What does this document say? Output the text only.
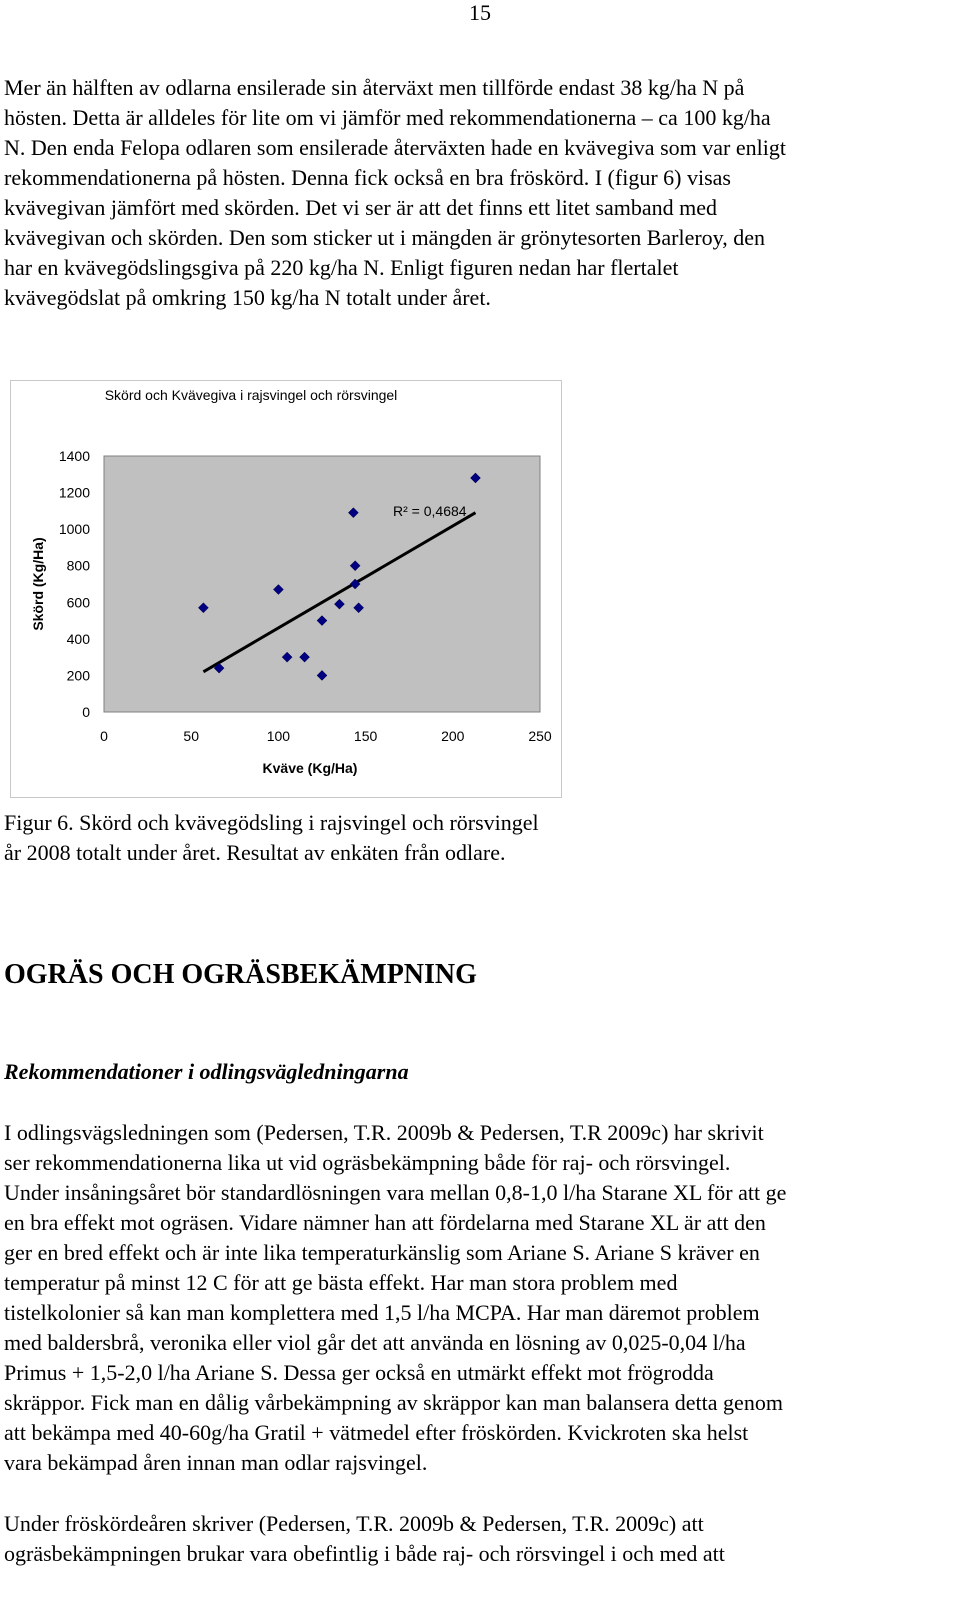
15
Mer än hälften av odlarna ensilerade sin återväxt men tillförde endast 38 kg/ha N på
hösten. Detta är alldeles för lite om vi jämför med rekommendationerna – ca 100 kg/ha
N. Den enda Felopa odlaren som ensilerade återväxten hade en kvävegiva som var enligt
rekommendationerna på hösten. Denna fick också en bra fröskörd. I (figur 6) visas
kvävegivan jämfört med skörden. Det vi ser är att det finns ett litet samband med
kvävegivan och skörden. Den som sticker ut i mängden är grönytesorten Barleroy, den
har en kvävegödslingsgiva på 220 kg/ha N. Enligt figuren nedan har flertalet
kvävegödslat på omkring 150 kg/ha N totalt under året.
Skörd och Kvävegiva i rajsvingel och rörsvingel
0
200
400
600
800
1000
1200
1400
0	50	100	150	200	250
Kväve (Kg/Ha)
Skörd (Kg/Ha)
R² = 0,4684
Figur 6. Skörd och kvävegödsling i rajsvingel och rörsvingel
år 2008 totalt under året. Resultat av enkäten från odlare.
OGRÄS OCH OGRÄSBEKÄMPNING
Rekommendationer i odlingsvägledningarna
I odlingsvägsledningen som (Pedersen, T.R. 2009b & Pedersen, T.R 2009c) har skrivit
ser rekommendationerna lika ut vid ogräsbekämpning både för raj- och rörsvingel.
Under insåningsåret bör standardlösningen vara mellan 0,8-1,0 l/ha Starane XL för att ge
en bra effekt mot ogräsen. Vidare nämner han att fördelarna med Starane XL är att den
ger en bred effekt och är inte lika temperaturkänslig som Ariane S. Ariane S kräver en
temperatur på minst 12 C för att ge bästa effekt. Har man stora problem med
tistelkolonier så kan man komplettera med 1,5 l/ha MCPA. Har man däremot problem
med baldersbrå, veronika eller viol går det att använda en lösning av 0,025-0,04 l/ha
Primus + 1,5-2,0 l/ha Ariane S. Dessa ger också en utmärkt effekt mot frögrodda
skräppor. Fick man en dålig vårbekämpning av skräppor kan man balansera detta genom
att bekämpa med 40-60g/ha Gratil + vätmedel efter fröskörden. Kvickroten ska helst
vara bekämpad åren innan man odlar rajsvingel.
Under fröskördeåren skriver (Pedersen, T.R. 2009b & Pedersen, T.R. 2009c) att
ogräsbekämpningen brukar vara obefintlig i både raj- och rörsvingel i och med att
